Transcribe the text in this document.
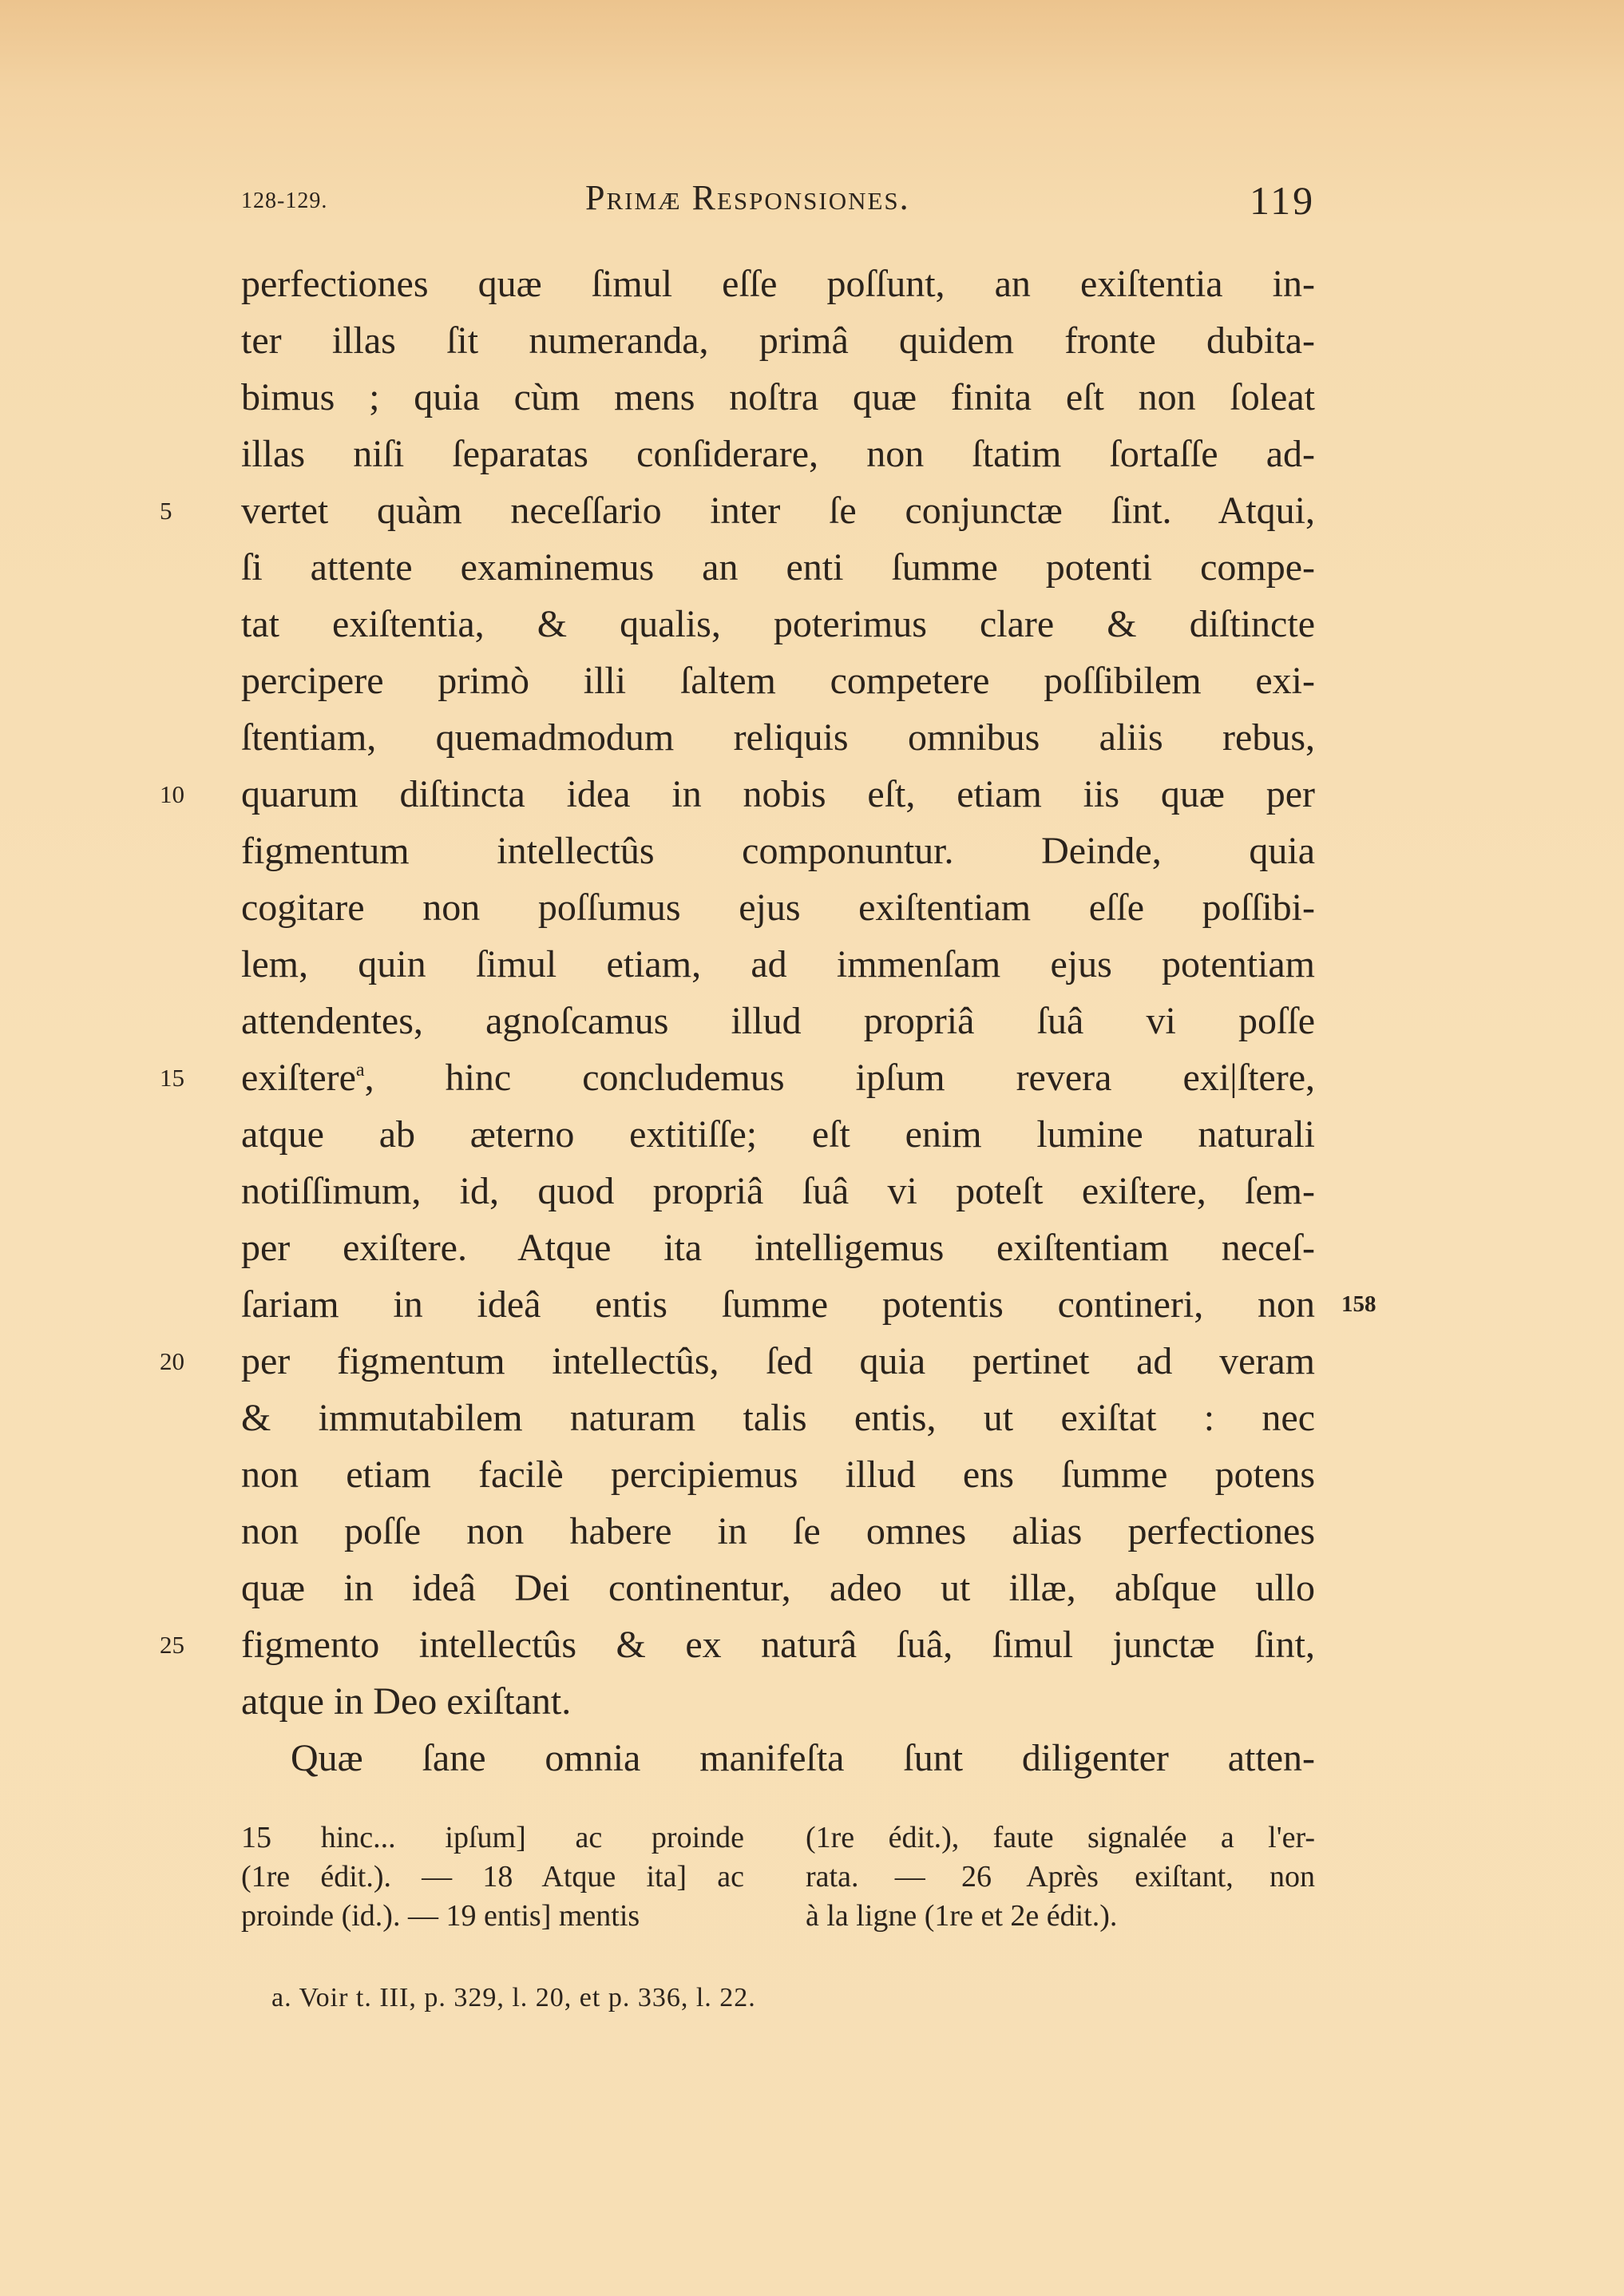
128-129.	Primæ Responsiones.	119
perfectiones quæ ſimul eſſe poſſunt, an exiſtentia in-
ter illas ſit numeranda, primâ quidem fronte dubita-
bimus ; quia cùm mens noſtra quæ finita eſt non ſoleat
illas niſi ſeparatas conſiderare, non ſtatim ſortaſſe ad-
vertet quàm neceſſario inter ſe conjunctæ ſint. Atqui,
5
ſi attente examinemus an enti ſumme potenti compe-
tat exiſtentia, & qualis, poterimus clare & diſtincte
percipere primò illi ſaltem competere poſſibilem exi-
ſtentiam, quemadmodum reliquis omnibus aliis rebus,
quarum diſtincta idea in nobis eſt, etiam iis quæ per
10
figmentum intellectûs componuntur. Deinde, quia
cogitare non poſſumus ejus exiſtentiam eſſe poſſibi-
lem, quin ſimul etiam, ad immenſam ejus potentiam
attendentes, agnoſcamus illud propriâ ſuâ vi poſſe
exiſtere$^a$, hinc concludemus ipſum revera exi|ſtere,
15
atque ab æterno extitiſſe; eſt enim lumine naturali
notiſſimum, id, quod propriâ ſuâ vi poteſt exiſtere, ſem-
per exiſtere. Atque ita intelligemus exiſtentiam neceſ-
ſariam in ideâ entis ſumme potentis contineri, non 158
per figmentum intellectûs, ſed quia pertinet ad veram
20
& immutabilem naturam talis entis, ut exiſtat : nec
non etiam facilè percipiemus illud ens ſumme potens
non poſſe non habere in ſe omnes alias perfectiones
quæ in ideâ Dei continentur, adeo ut illæ, abſque ullo
figmento intellectûs & ex naturâ ſuâ, ſimul junctæ ſint,
25
atque in Deo exiſtant.
Quæ ſane omnia manifeſta ſunt diligenter atten-
15 hinc... ipſum] ac proinde
(1re édit.). — 18 Atque ita] ac
proinde (id.). — 19 entis] mentis
(1re édit.), faute signalée a l'er-
rata. — 26 Après exiſtant, non
à la ligne (1re et 2e édit.).
a. Voir t. III, p. 329, l. 20, et p. 336, l. 22.
